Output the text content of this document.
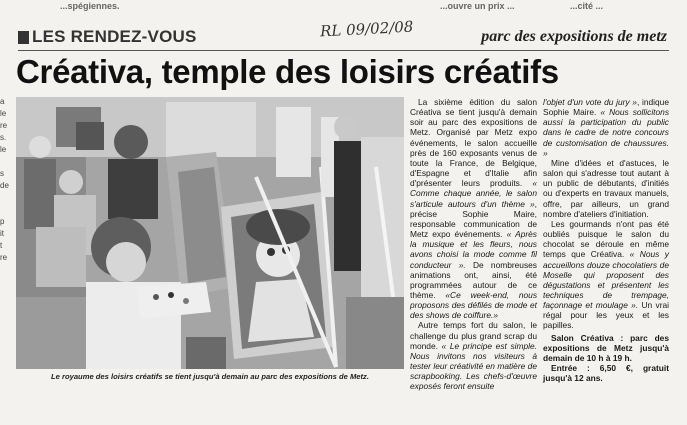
...spégiennes.	...ouvre un prix ...	...cité ...
LES RENDEZ-VOUS	RL 09/02/08	parc des expositions de metz
Créativa, temple des loisirs créatifs
a
le
re
s.
le

s
de

p
it
t
re
Le royaume des loisirs créatifs se tient jusqu'à demain au parc des expositions de Metz.

La sixième édition du salon Créativa se tient jusqu'à demain soir au parc des expositions de Metz. Organisé par Metz expo événements, le salon accueille près de 160 exposants venus de toute la France, de Belgique, d'Espagne et d'Italie afin d'présenter leurs produits. « Comme chaque année, le salon s'articule autours d'un thème », précise Sophie Maire, responsable communication de Metz expo événements. « Après la musique et les fleurs, nous avons choisi la mode comme fil conducteur ». De nombreuses animations ont, ainsi, été programmées autour de ce thème. «Ce week-end, nous proposons des défilés de mode et des shows de coiffure.»

Autre temps fort du salon, le challenge du plus grand scrap du monde. « Le principe est simple. Nous invitons nos visiteurs à tester leur créativité en matière de scrapbooking. Les chefs-d'œuvre exposés feront ensuite

l'objet d'un vote du jury », indique Sophie Maire. « Nous sollicitons aussi la participation du public dans le cadre de notre concours de customisation de chaussures. »

Mine d'idées et d'astuces, le salon qui s'adresse tout autant à un public de débutants, d'initiés ou d'experts en travaux manuels, offre, par ailleurs, un grand nombre d'ateliers d'initiation.

Les gourmands n'ont pas été oubliés puisque le salon du chocolat se déroule en même temps que Créativa. « Nous y accueillons douze chocolatiers de Moselle qui proposent des dégustations et présentent les techniques de trempage, façonnage et moulage ». Un vrai régal pour les yeux et les papilles.

Salon Créativa : parc des expositions de Metz jusqu'à demain de 10 h à 19 h.

Entrée : 6,50 €, gratuit jusqu'à 12 ans.
